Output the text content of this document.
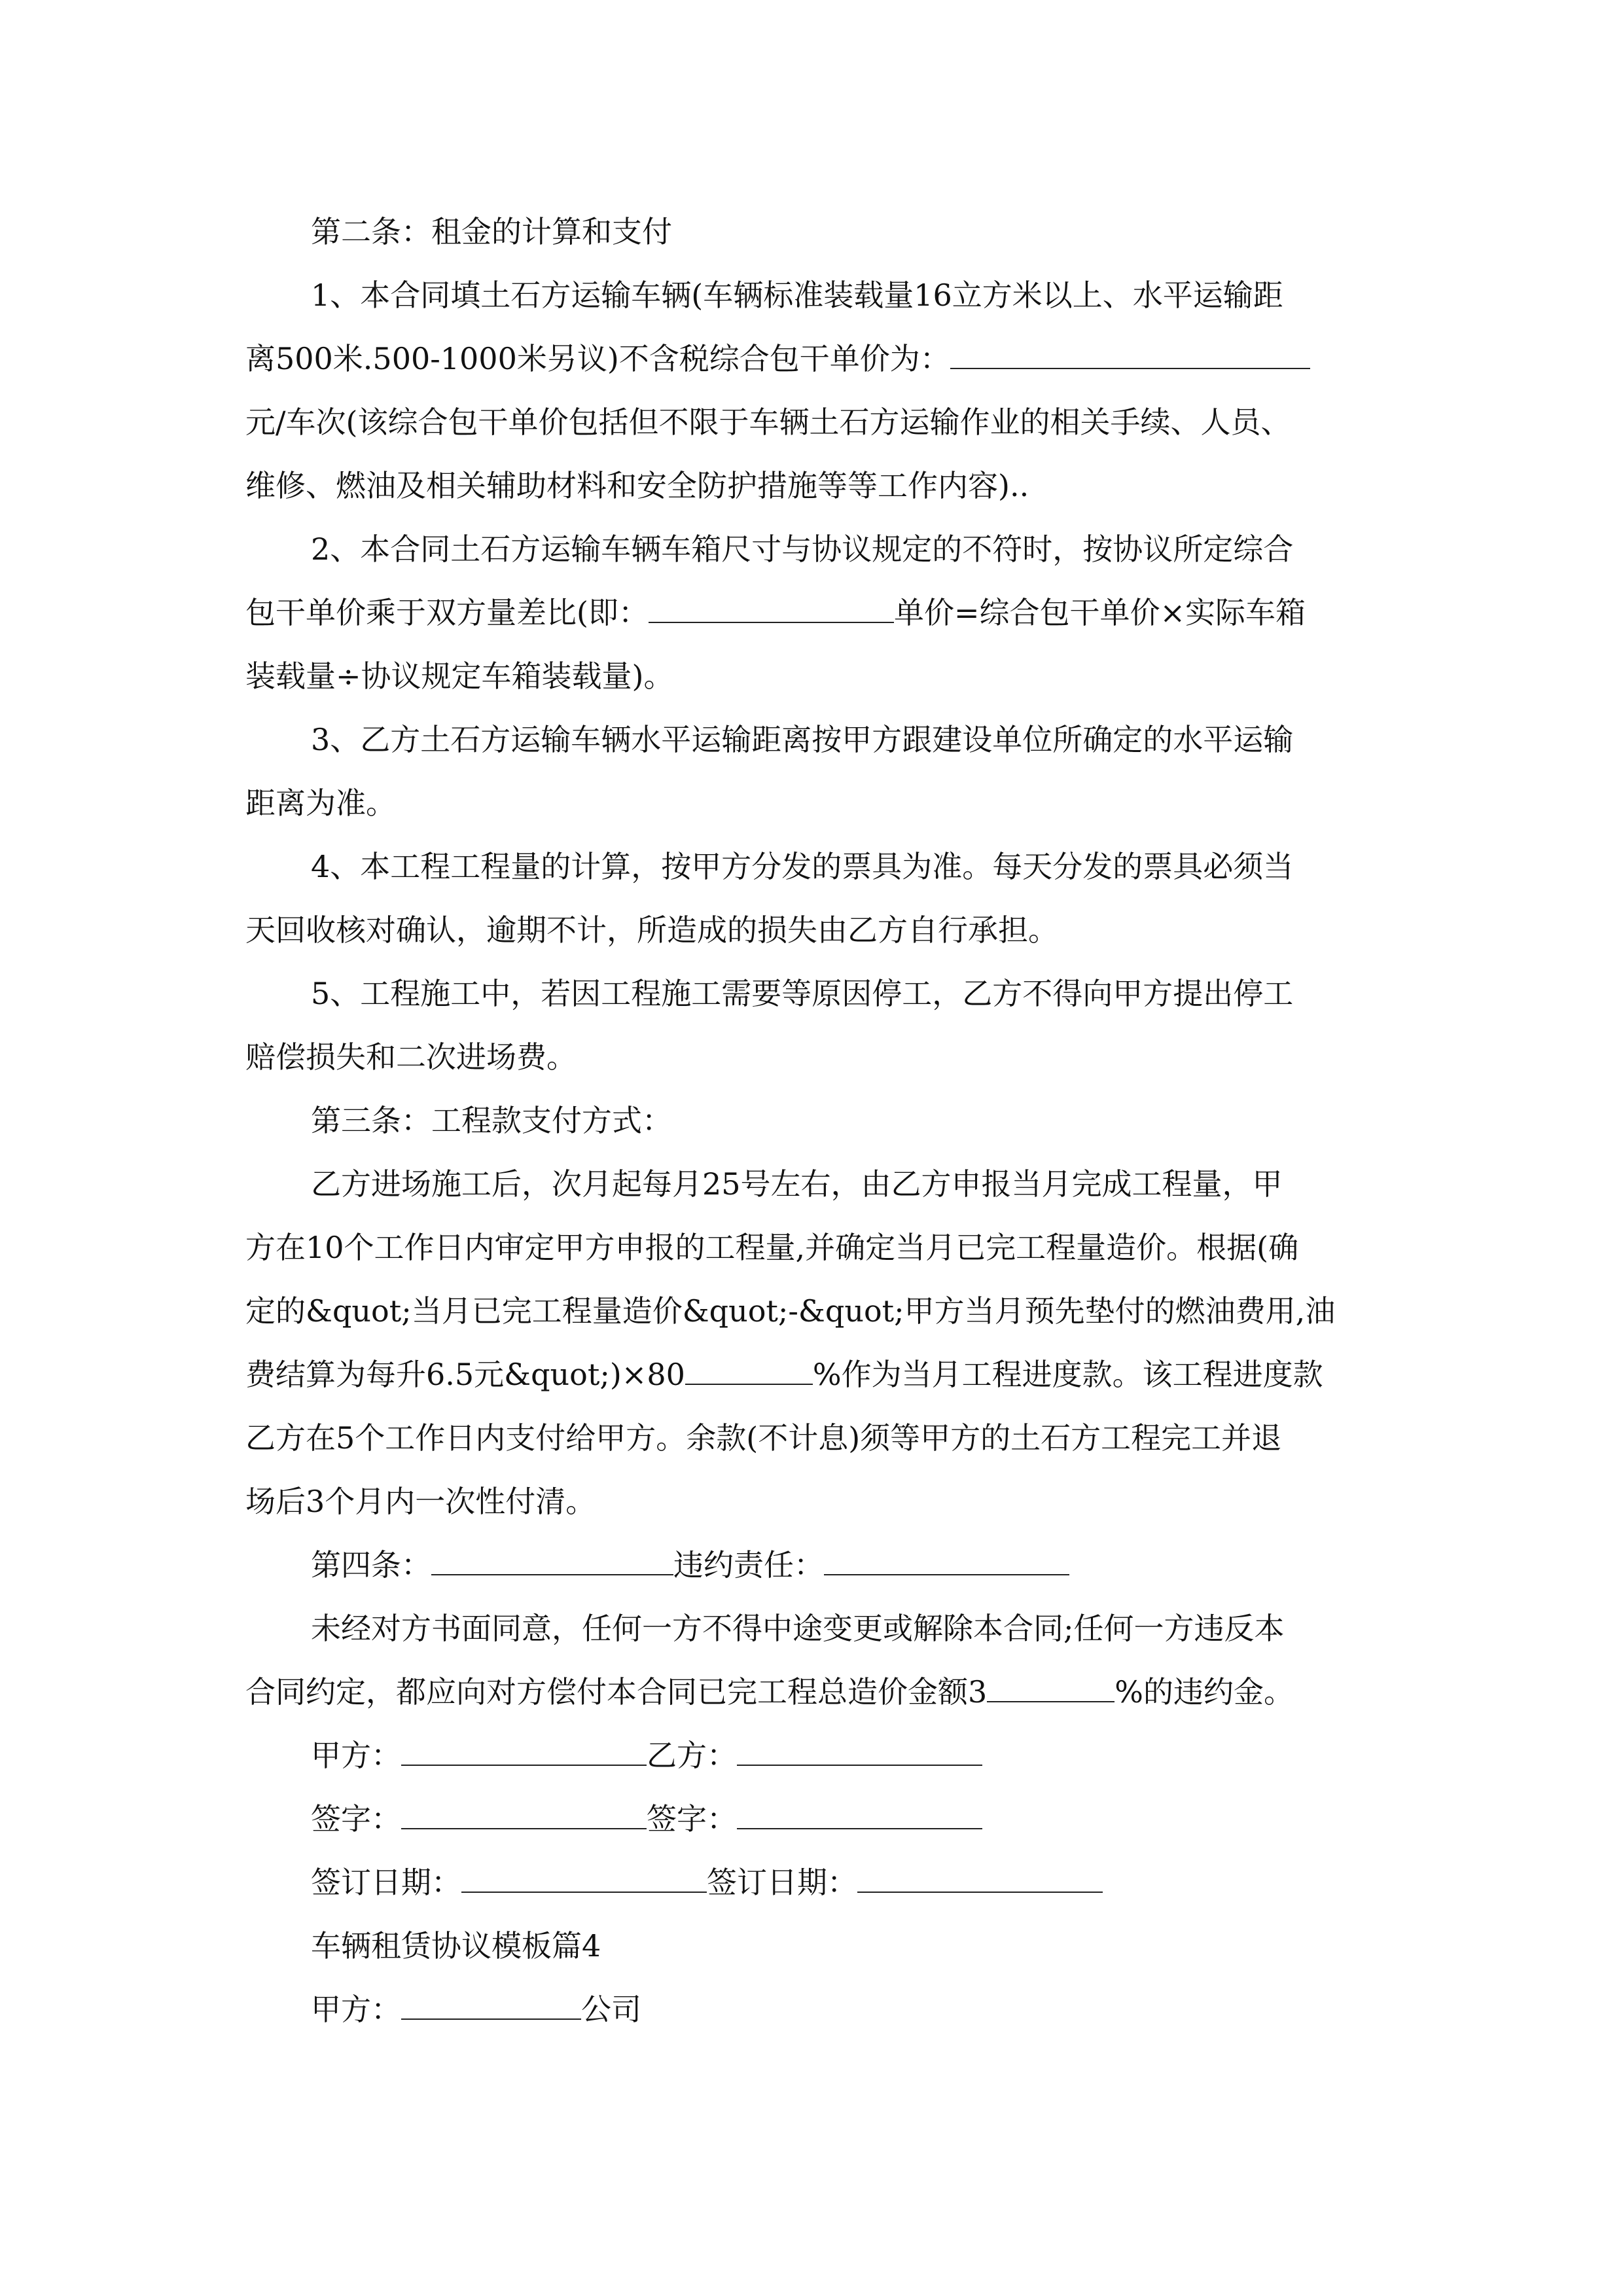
第二条：租金的计算和支付
1、本合同填土石方运输车辆(车辆标准装载量16立方米以上、水平运输距
离500米.500-1000米另议)不含税综合包干单价为：
元/车次(该综合包干单价包括但不限于车辆土石方运输作业的相关手续、人员、
维修、燃油及相关辅助材料和安全防护措施等等工作内容)..
2、本合同土石方运输车辆车箱尺寸与协议规定的不符时，按协议所定综合
包干单价乘于双方量差比(即：	单价=综合包干单价×实际车箱
装载量÷协议规定车箱装载量)。
3、乙方土石方运输车辆水平运输距离按甲方跟建设单位所确定的水平运输
距离为准。
4、本工程工程量的计算，按甲方分发的票具为准。每天分发的票具必须当
天回收核对确认，逾期不计，所造成的损失由乙方自行承担。
5、工程施工中，若因工程施工需要等原因停工，乙方不得向甲方提出停工
赔偿损失和二次进场费。
第三条：工程款支付方式：
乙方进场施工后，次月起每月25号左右，由乙方申报当月完成工程量，甲
方在10个工作日内审定甲方申报的工程量,并确定当月已完工程量造价。根据(确
定的&quot;当月已完工程量造价&quot;-&quot;甲方当月预先垫付的燃油费用,油
费结算为每升6.5元&quot;)×80	%作为当月工程进度款。该工程进度款
乙方在5个工作日内支付给甲方。余款(不计息)须等甲方的土石方工程完工并退
场后3个月内一次性付清。
第四条：	违约责任：
未经对方书面同意，任何一方不得中途变更或解除本合同;任何一方违反本
合同约定，都应向对方偿付本合同已完工程总造价金额3	%的违约金。
甲方：	乙方：
签字：	签字：
签订日期：	签订日期：
车辆租赁协议模板篇4
甲方：	公司
